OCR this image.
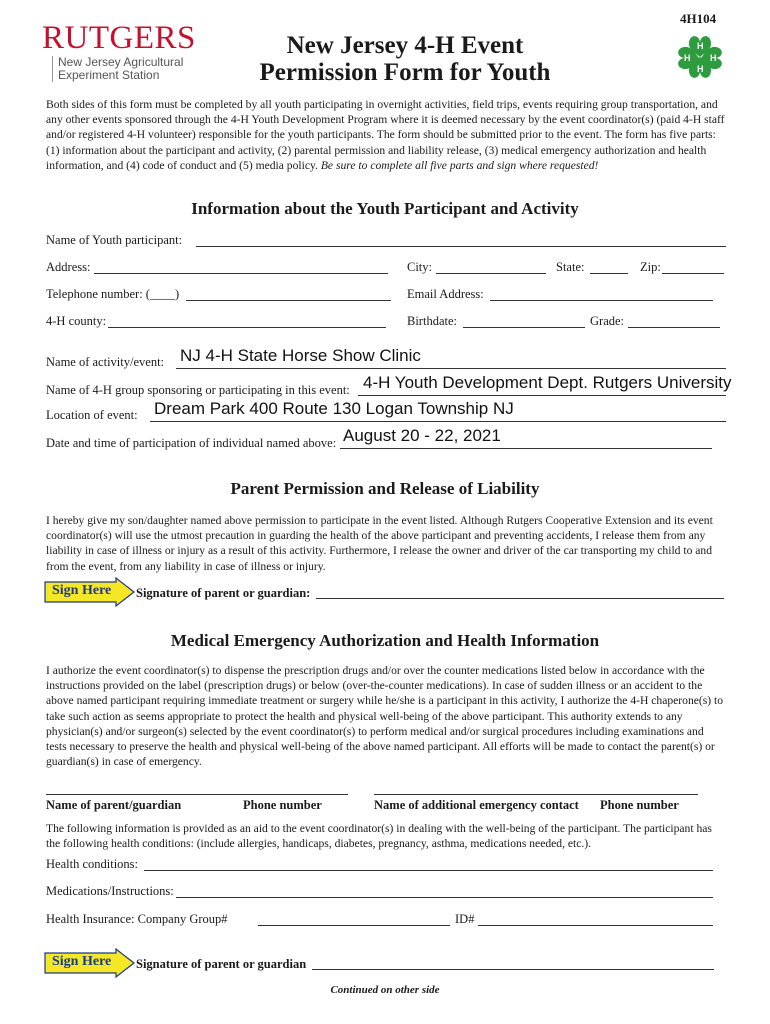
RUTGERS
New Jersey Agricultural
Experiment Station
4H104
New Jersey 4-H Event
Permission Form for Youth
H
H
H H
Both sides of this form must be completed by all youth participating in overnight activities, field trips, events requiring group transportation, and any other events sponsored through the 4-H Youth Development Program where it is deemed necessary by the event coordinator(s) (paid 4-H staff and/or registered 4-H volunteer) responsible for the youth participants. The form should be submitted prior to the event. The form has five parts: (1) information about the participant and activity, (2) parental permission and liability release, (3) medical emergency authorization and health information, and (4) code of conduct and (5) media policy. Be sure to complete all five parts and sign where requested!
Information about the Youth Participant and Activity
Name of Youth participant:
Address:	City:	State:	Zip:
Telephone number: (____)	Email Address:
4-H county:	Birthdate:	Grade:
Name of activity/event: NJ 4-H State Horse Show Clinic
Name of 4-H group sponsoring or participating in this event: 4-H Youth Development Dept. Rutgers University
Location of event: Dream Park 400 Route 130 Logan Township NJ
Date and time of participation of individual named above: August 20 - 22, 2021
Parent Permission and Release of Liability
I hereby give my son/daughter named above permission to participate in the event listed. Although Rutgers Cooperative Extension and its event coordinator(s) will use the utmost precaution in guarding the health of the above participant and preventing accidents, I release them from any liability in case of illness or injury as a result of this activity. Furthermore, I release the owner and driver of the car transporting my child to and from the event, from any liability in case of illness or injury.
Sign Here Signature of parent or guardian:
Medical Emergency Authorization and Health Information
I authorize the event coordinator(s) to dispense the prescription drugs and/or over the counter medications listed below in accordance with the instructions provided on the label (prescription drugs) or below (over-the-counter medications). In case of sudden illness or an accident to the above named participant requiring immediate treatment or surgery while he/she is a participant in this activity, I authorize the 4-H chaperone(s) to take such action as seems appropriate to protect the health and physical well-being of the above participant. This authority extends to any physician(s) and/or surgeon(s) selected by the event coordinator(s) to perform medical and/or surgical procedures including examinations and tests necessary to preserve the health and physical well-being of the above named participant. All efforts will be made to contact the parent(s) or guardian(s) in case of emergency.
Name of parent/guardian	Phone number	Name of additional emergency contact Phone number
The following information is provided as an aid to the event coordinator(s) in dealing with the well-being of the participant. The participant has the following health conditions: (include allergies, handicaps, diabetes, pregnancy, asthma, medications needed, etc.).
Health conditions:
Medications/Instructions:
Health Insurance: Company Group#	ID#
Sign Here Signature of parent or guardian
Continued on other side
